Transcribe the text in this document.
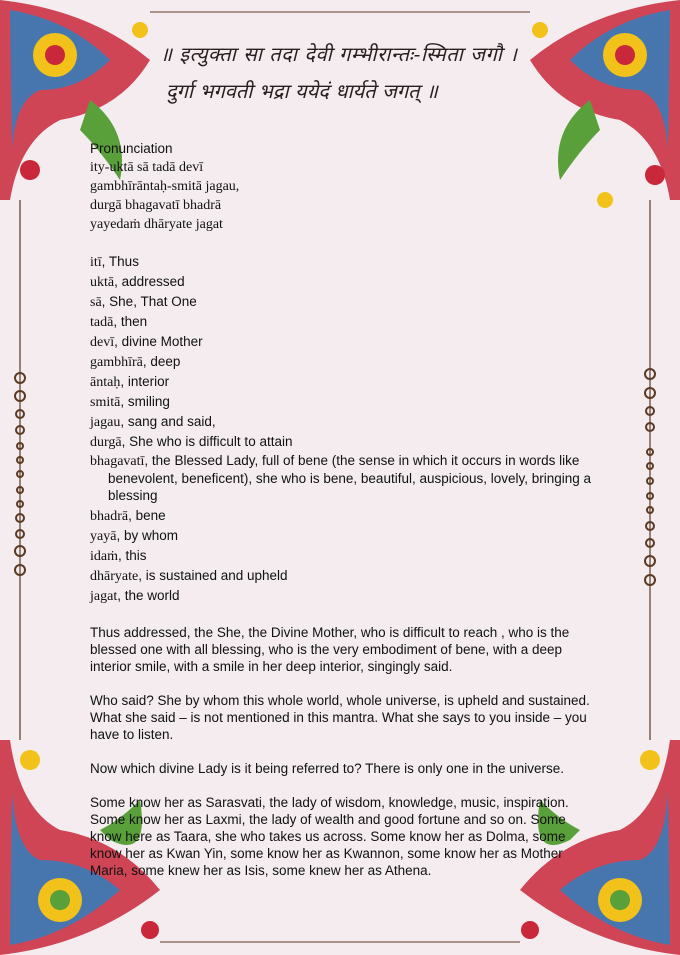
॥ इत्युक्ता सा तदा देवी गम्भीरान्तः-स्मिता जगौ ।
दुर्गा भगवती भद्रा ययेदं धार्यते जगत् ॥
Pronunciation
ity-uktā sā tadā devī
gambhīrāntaḥ-smitā jagau,
durgā bhagavatī bhadrā
yayedaṁ dhāryate jagat

itī, Thus

uktā, addressed

sā, She, That One

tadā, then

devī, divine Mother

gambhīrā, deep

āntaḥ, interior

smitā, smiling

jagau, sang and said,

durgā, She who is difficult to attain

bhagavatī, the Blessed Lady, full of bene (the sense in which it occurs in words like benevolent, beneficent), she who is bene, beautiful, auspicious, lovely, bringing a blessing

bhadrā, bene

yayā, by whom

idaṁ, this

dhāryate, is sustained and upheld

jagat, the world

Thus addressed, the She, the Divine Mother, who is difficult to reach , who is the blessed one with all blessing, who is the very embodiment of bene, with a deep interior smile, with a smile in her deep interior, singingly said.

Who said? She by whom this whole world, whole universe, is upheld and sustained. What she said – is not mentioned in this mantra. What she says to you inside – you have to listen.

Now which divine Lady is it being referred to? There is only one in the universe.

Some know her as Sarasvati, the lady of wisdom, knowledge, music, inspiration. Some know her as Laxmi, the lady of wealth and good fortune and so on. Some know here as Taara, she who takes us across. Some know her as Dolma, some know her as Kwan Yin, some know her as Kwannon, some know her as Mother Maria, some knew her as Isis, some knew her as Athena.
